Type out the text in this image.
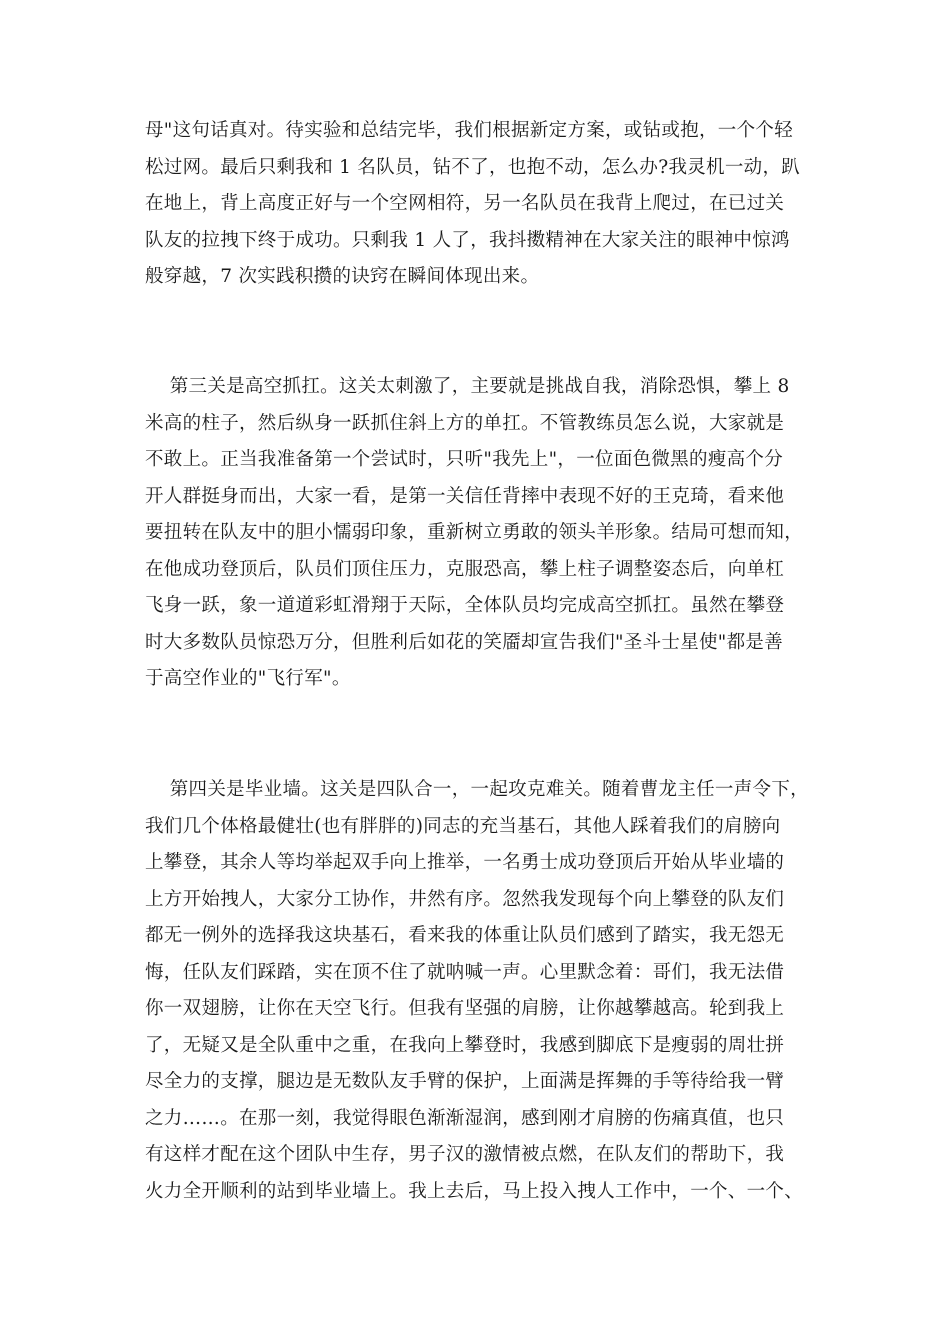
母"这句话真对。待实验和总结完毕，我们根据新定方案，或钻或抱，一个个轻
松过网。最后只剩我和 1 名队员，钻不了，也抱不动，怎么办?我灵机一动，趴
在地上，背上高度正好与一个空网相符，另一名队员在我背上爬过，在已过关
队友的拉拽下终于成功。只剩我 1 人了，我抖擞精神在大家关注的眼神中惊鸿
般穿越，7 次实践积攒的诀窍在瞬间体现出来。
第三关是高空抓扛。这关太刺激了，主要就是挑战自我，消除恐惧，攀上 8
米高的柱子，然后纵身一跃抓住斜上方的单扛。不管教练员怎么说，大家就是
不敢上。正当我准备第一个尝试时，只听"我先上"，一位面色微黑的瘦高个分
开人群挺身而出，大家一看，是第一关信任背摔中表现不好的王克琦，看来他
要扭转在队友中的胆小懦弱印象，重新树立勇敢的领头羊形象。结局可想而知，
在他成功登顶后，队员们顶住压力，克服恐高，攀上柱子调整姿态后，向单杠
飞身一跃，象一道道彩虹滑翔于天际，全体队员均完成高空抓扛。虽然在攀登
时大多数队员惊恐万分，但胜利后如花的笑靥却宣告我们"圣斗士星使"都是善
于高空作业的"飞行军"。
第四关是毕业墙。这关是四队合一，一起攻克难关。随着曹龙主任一声令下，
我们几个体格最健壮(也有胖胖的)同志的充当基石，其他人踩着我们的肩膀向
上攀登，其余人等均举起双手向上推举，一名勇士成功登顶后开始从毕业墙的
上方开始拽人，大家分工协作，井然有序。忽然我发现每个向上攀登的队友们
都无一例外的选择我这块基石，看来我的体重让队员们感到了踏实，我无怨无
悔，任队友们踩踏，实在顶不住了就呐喊一声。心里默念着：哥们，我无法借
你一双翅膀，让你在天空飞行。但我有坚强的肩膀，让你越攀越高。轮到我上
了，无疑又是全队重中之重，在我向上攀登时，我感到脚底下是瘦弱的周壮拼
尽全力的支撑，腿边是无数队友手臂的保护，上面满是挥舞的手等待给我一臂
之力……。在那一刻，我觉得眼色渐渐湿润，感到刚才肩膀的伤痛真值，也只
有这样才配在这个团队中生存，男子汉的激情被点燃，在队友们的帮助下，我
火力全开顺利的站到毕业墙上。我上去后，马上投入拽人工作中，一个、一个、
